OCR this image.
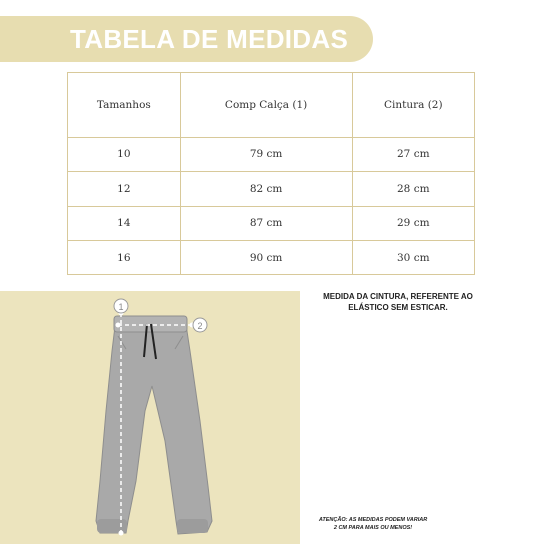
TABELA DE MEDIDAS
Tamanhos	Comp Calça (1)	Cintura (2)
10	79 cm	27 cm
12	82 cm	28 cm
14	87 cm	29 cm
16	90 cm	30 cm
1
2
MEDIDA DA CINTURA, REFERENTE AO
ELÁSTICO SEM ESTICAR.
ATENÇÃO: AS MEDIDAS PODEM VARIAR
2 CM PARA MAIS OU MENOS!
